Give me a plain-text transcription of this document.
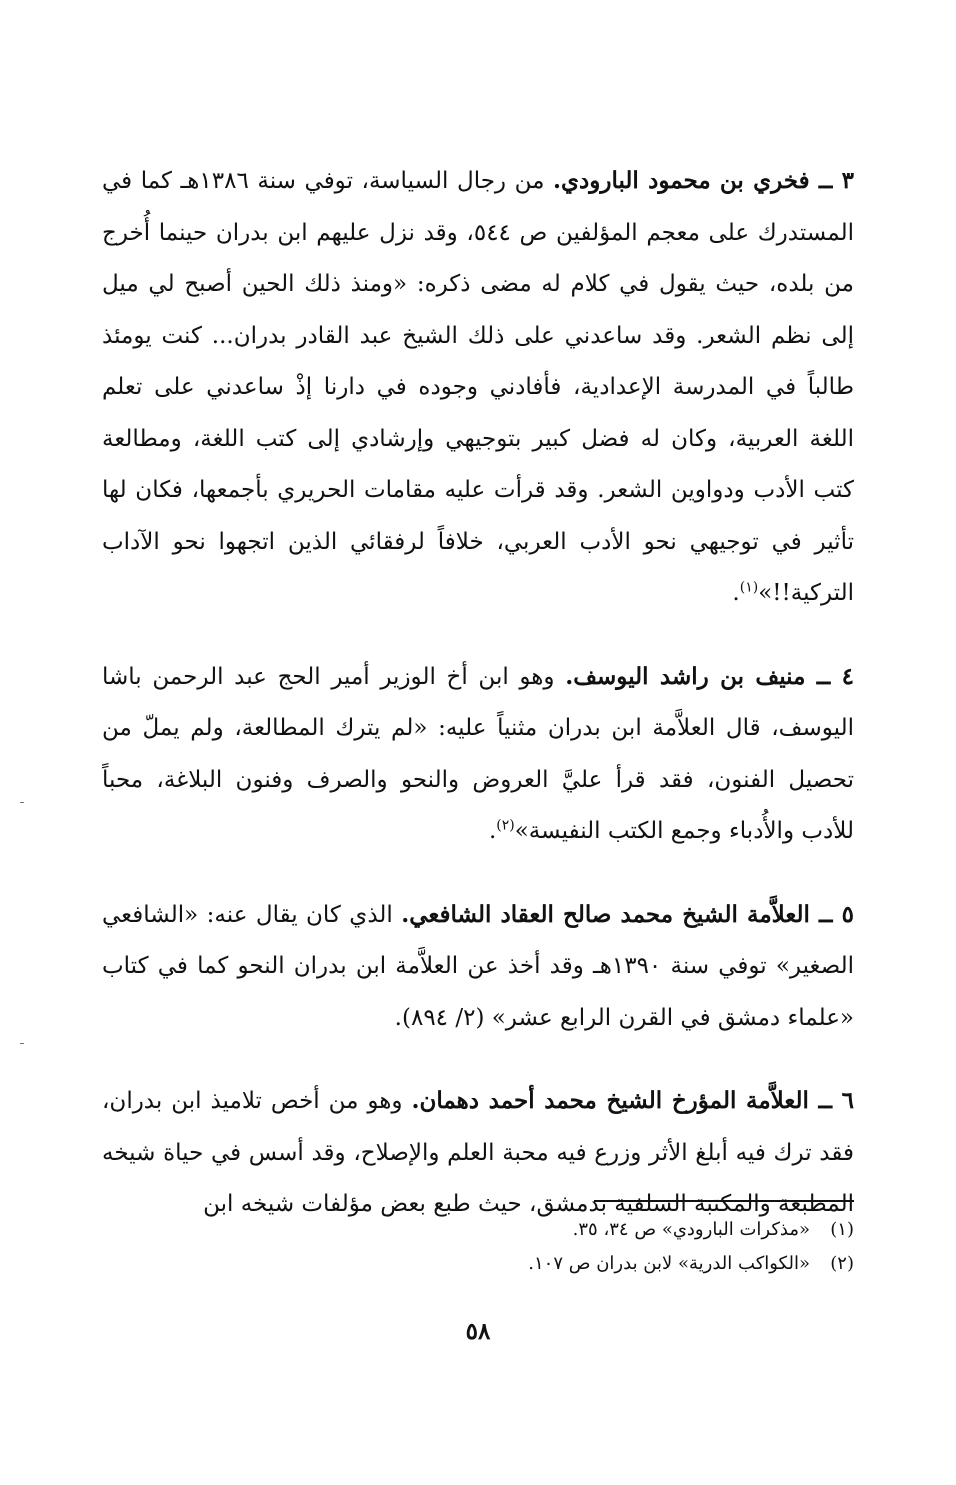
٣ ــ فخري بن محمود البارودي. من رجال السياسة، توفي سنة ١٣٨٦هـ كما في المستدرك على معجم المؤلفين ص ٥٤٤، وقد نزل عليهم ابن بدران حينما أُخرج من بلده، حيث يقول في كلام له مضى ذكره: «ومنذ ذلك الحين أصبح لي ميل إلى نظم الشعر. وقد ساعدني على ذلك الشيخ عبد القادر بدران... كنت يومئذ طالباً في المدرسة الإعدادية، فأفادني وجوده في دارنا إذْ ساعدني على تعلم اللغة العربية، وكان له فضل كبير بتوجيهي وإرشادي إلى كتب اللغة، ومطالعة كتب الأدب ودواوين الشعر. وقد قرأت عليه مقامات الحريري بأجمعها، فكان لها تأثير في توجيهي نحو الأدب العربي، خلافاً لرفقائي الذين اتجهوا نحو الآداب التركية!!»$^{(١)}$.

٤ ــ منيف بن راشد اليوسف. وهو ابن أخ الوزير أمير الحج عبد الرحمن باشا اليوسف، قال العلاَّمة ابن بدران مثنياً عليه: «لم يترك المطالعة، ولم يملّ من تحصيل الفنون، فقد قرأ عليَّ العروض والنحو والصرف وفنون البلاغة، محباً للأدب والأُدباء وجمع الكتب النفيسة»$^{(٢)}$.

٥ ــ العلاَّمة الشيخ محمد صالح العقاد الشافعي. الذي كان يقال عنه: «الشافعي الصغير» توفي سنة ١٣٩٠هـ وقد أخذ عن العلاَّمة ابن بدران النحو كما في كتاب «علماء دمشق في القرن الرابع عشر» (٢/ ٨٩٤).

٦ ــ العلاَّمة المؤرخ الشيخ محمد أحمد دهمان. وهو من أخص تلاميذ ابن بدران، فقد ترك فيه أبلغ الأثر وزرع فيه محبة العلم والإصلاح، وقد أسس في حياة شيخه المطبعة والمكتبة السلفية بدمشق، حيث طبع بعض مؤلفات شيخه ابن

(١)«مذكرات البارودي» ص ٣٤، ٣٥.

(٢)«الكواكب الدرية» لابن بدران ص ١٠٧.

٥٨
